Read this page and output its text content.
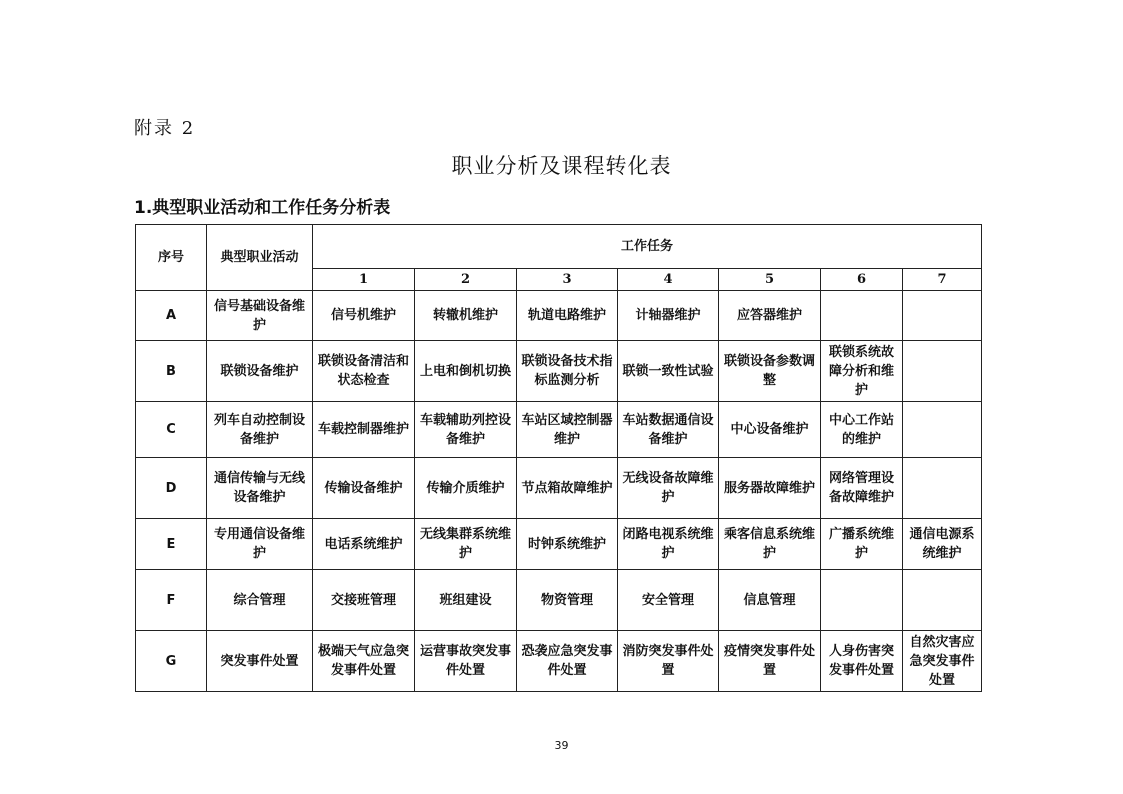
附录 2
职业分析及课程转化表
1.典型职业活动和工作任务分析表
序号	典型职业活动	工作任务						
		1	2	3	4	5	6	7
A	信号基础设备维护	信号机维护	转辙机维护	轨道电路维护	计轴器维护	应答器维护		
B	联锁设备维护	联锁设备清洁和状态检查	上电和倒机切换	联锁设备技术指标监测分析	联锁一致性试验	联锁设备参数调整	联锁系统故障分析和维护	
C	列车自动控制设备维护	车载控制器维护	车载辅助列控设备维护	车站区域控制器维护	车站数据通信设备维护	中心设备维护	中心工作站的维护	
D	通信传输与无线设备维护	传输设备维护	传输介质维护	节点箱故障维护	无线设备故障维护	服务器故障维护	网络管理设备故障维护	
E	专用通信设备维护	电话系统维护	无线集群系统维护	时钟系统维护	闭路电视系统维护	乘客信息系统维护	广播系统维护	通信电源系统维护
F	综合管理	交接班管理	班组建设	物资管理	安全管理	信息管理		
G	突发事件处置	极端天气应急突发事件处置	运营事故突发事件处置	恐袭应急突发事件处置	消防突发事件处置	疫情突发事件处置	人身伤害突发事件处置	自然灾害应急突发事件处置
39
